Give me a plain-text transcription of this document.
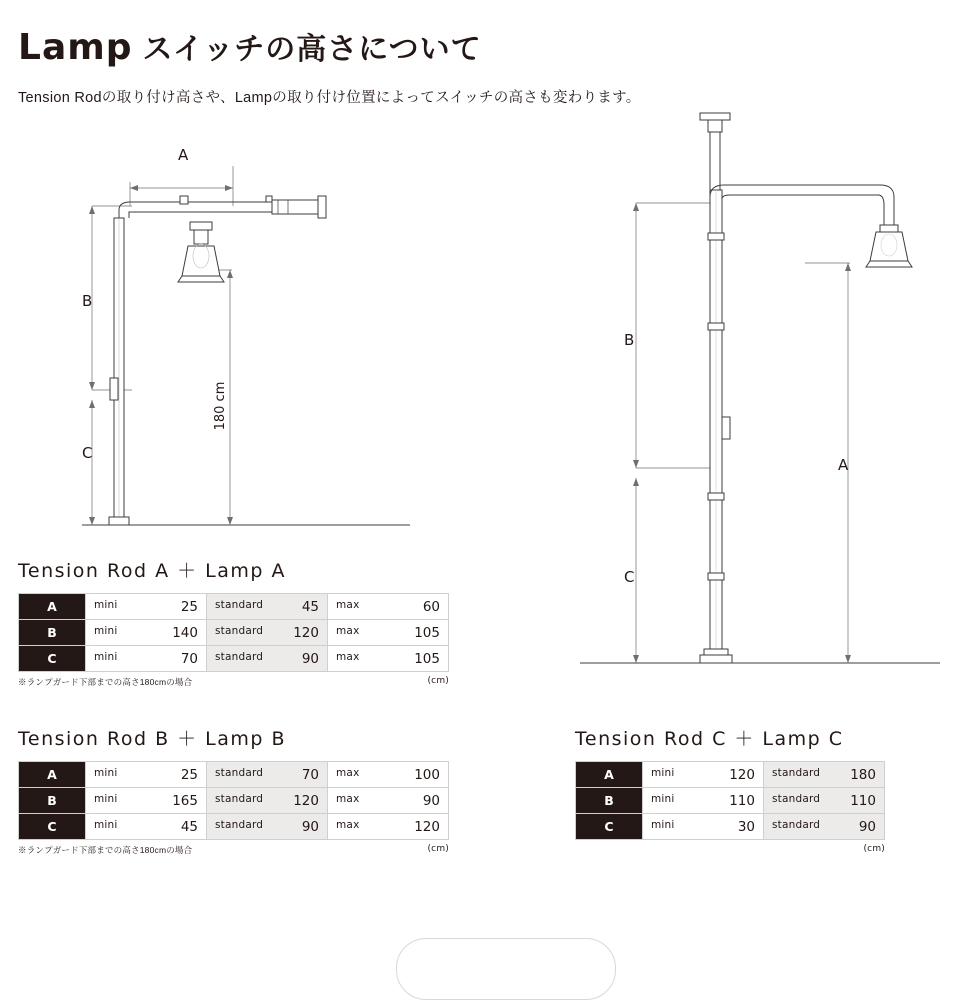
Lamp スイッチの高さについて
Tension Rodの取り付け高さや、Lampの取り付け位置によってスイッチの高さも変わります。
A
B
C
180 cm
B
C
A
Tension Rod A ＋ Lamp A
A	mini 25	standard 45	max 60
B	mini 140	standard 120	max 105
C	mini 70	standard 90	max 105
※ランプガード下部までの高さ180cmの場合	(cm)
Tension Rod B ＋ Lamp B
A	mini 25	standard 70	max 100
B	mini 165	standard 120	max 90
C	mini 45	standard 90	max 120
※ランプガード下部までの高さ180cmの場合	(cm)
Tension Rod C ＋ Lamp C
A	mini 120	standard 180
B	mini 110	standard 110
C	mini 30	standard 90
(cm)
